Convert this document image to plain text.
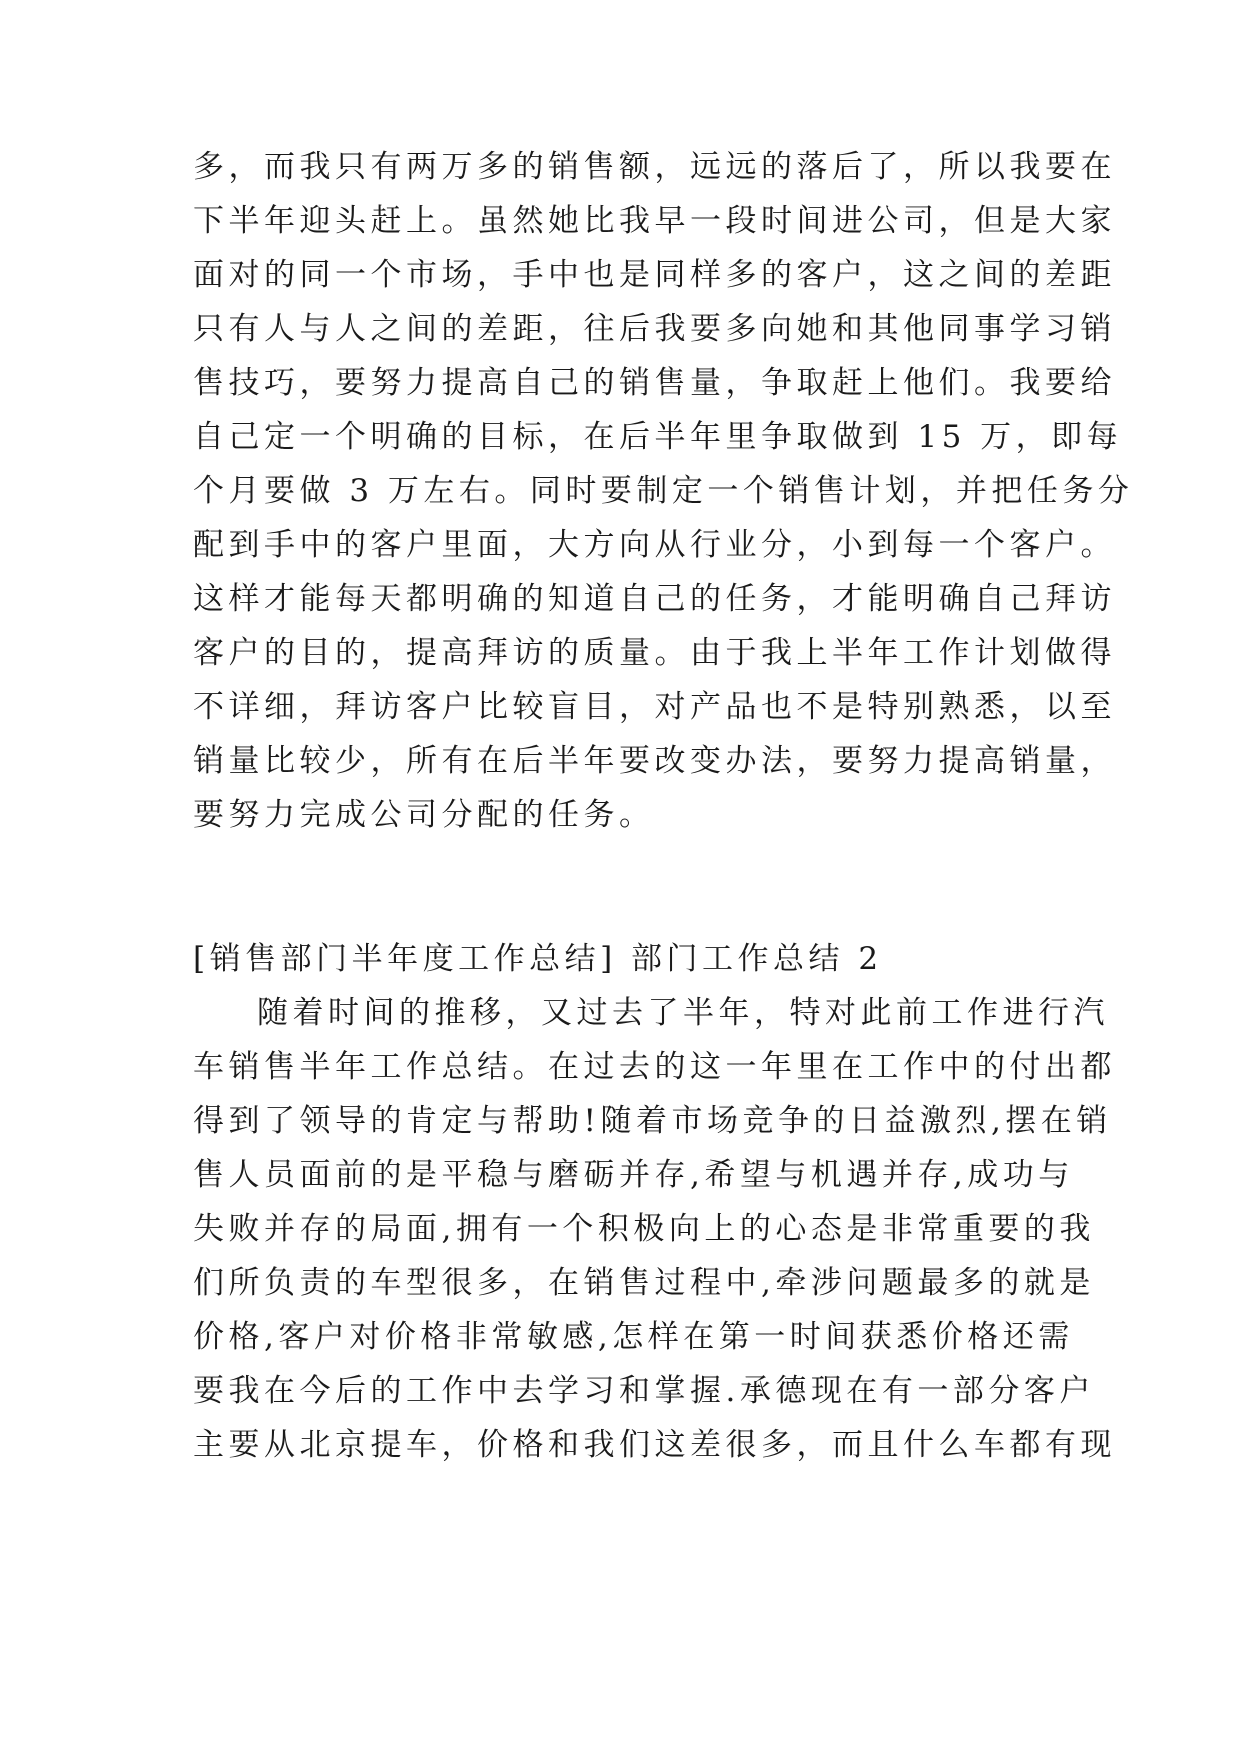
多，而我只有两万多的销售额，远远的落后了，所以我要在
下半年迎头赶上。虽然她比我早一段时间进公司，但是大家
面对的同一个市场，手中也是同样多的客户，这之间的差距
只有人与人之间的差距，往后我要多向她和其他同事学习销
售技巧，要努力提高自己的销售量，争取赶上他们。我要给
自己定一个明确的目标，在后半年里争取做到 15 万，即每
个月要做 3 万左右。同时要制定一个销售计划，并把任务分
配到手中的客户里面，大方向从行业分，小到每一个客户。
这样才能每天都明确的知道自己的任务，才能明确自己拜访
客户的目的，提高拜访的质量。由于我上半年工作计划做得
不详细，拜访客户比较盲目，对产品也不是特别熟悉，以至
销量比较少，所有在后半年要改变办法，要努力提高销量，
要努力完成公司分配的任务。
[销售部门半年度工作总结] 部门工作总结 2
随着时间的推移，又过去了半年，特对此前工作进行汽
车销售半年工作总结。在过去的这一年里在工作中的付出都
得到了领导的肯定与帮助!随着市场竞争的日益激烈,摆在销
售人员面前的是平稳与磨砺并存,希望与机遇并存,成功与
失败并存的局面,拥有一个积极向上的心态是非常重要的我
们所负责的车型很多，在销售过程中,牵涉问题最多的就是
价格,客户对价格非常敏感,怎样在第一时间获悉价格还需
要我在今后的工作中去学习和掌握.承德现在有一部分客户
主要从北京提车，价格和我们这差很多，而且什么车都有现
